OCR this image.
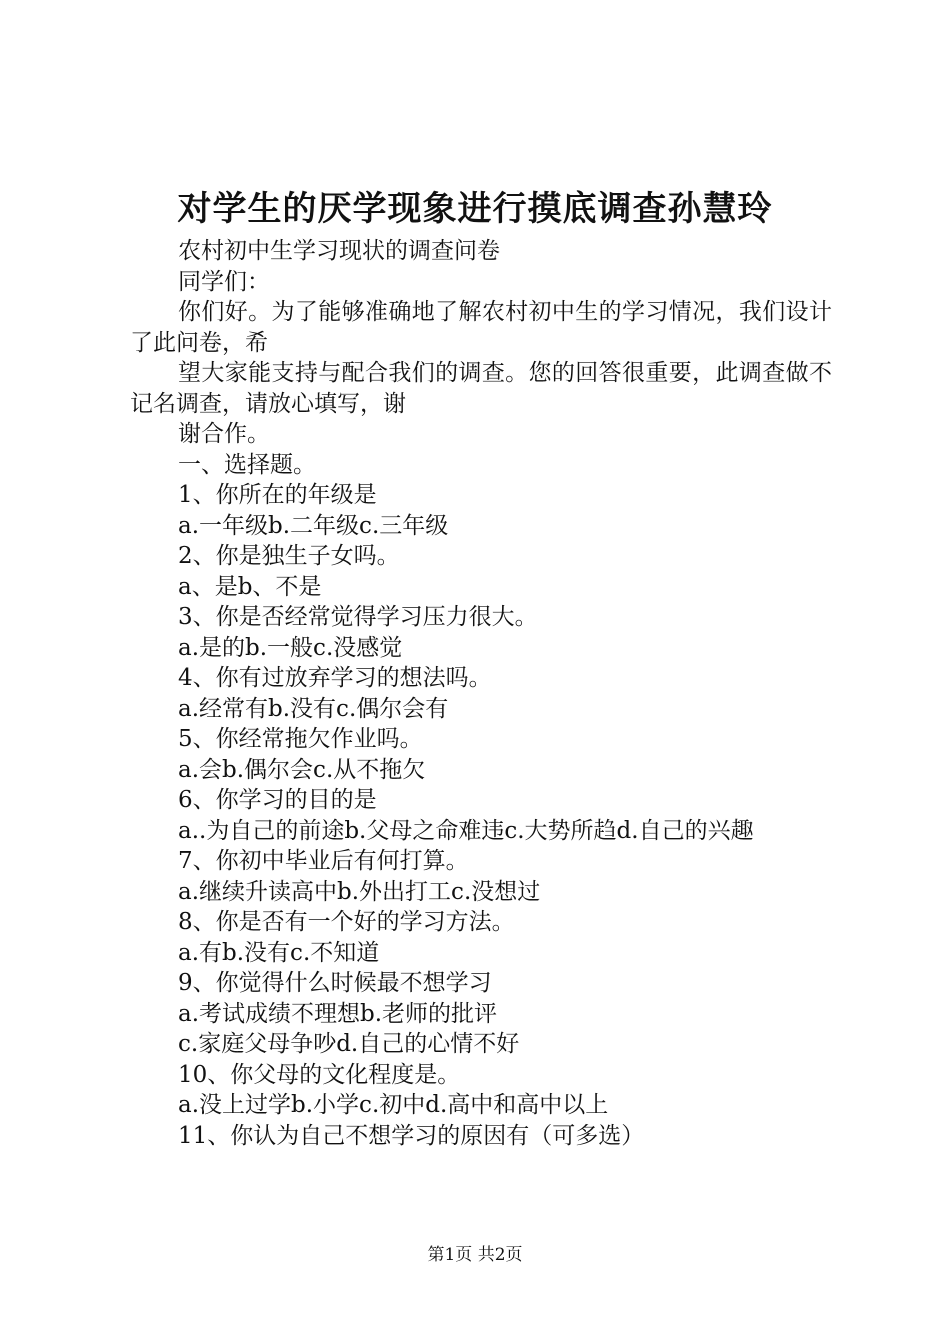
对学生的厌学现象进行摸底调查孙慧玲

农村初中生学习现状的调查问卷

同学们：

你们好。为了能够准确地了解农村初中生的学习情况，我们设计了此问卷，希

望大家能支持与配合我们的调查。您的回答很重要，此调查做不记名调查，请放心填写，谢

谢合作。

一、选择题。

1、你所在的年级是

a.一年级b.二年级c.三年级

2、你是独生子女吗。

a、是b、不是

3、你是否经常觉得学习压力很大。

a.是的b.一般c.没感觉

4、你有过放弃学习的想法吗。

a.经常有b.没有c.偶尔会有

5、你经常拖欠作业吗。

a.会b.偶尔会c.从不拖欠

6、你学习的目的是

a..为自己的前途b.父母之命难违c.大势所趋d.自己的兴趣

7、你初中毕业后有何打算。

a.继续升读高中b.外出打工c.没想过

8、你是否有一个好的学习方法。

a.有b.没有c.不知道

9、你觉得什么时候最不想学习

a.考试成绩不理想b.老师的批评

c.家庭父母争吵d.自己的心情不好

10、你父母的文化程度是。

a.没上过学b.小学c.初中d.高中和高中以上

11、你认为自己不想学习的原因有（可多选）

第1页 共2页
